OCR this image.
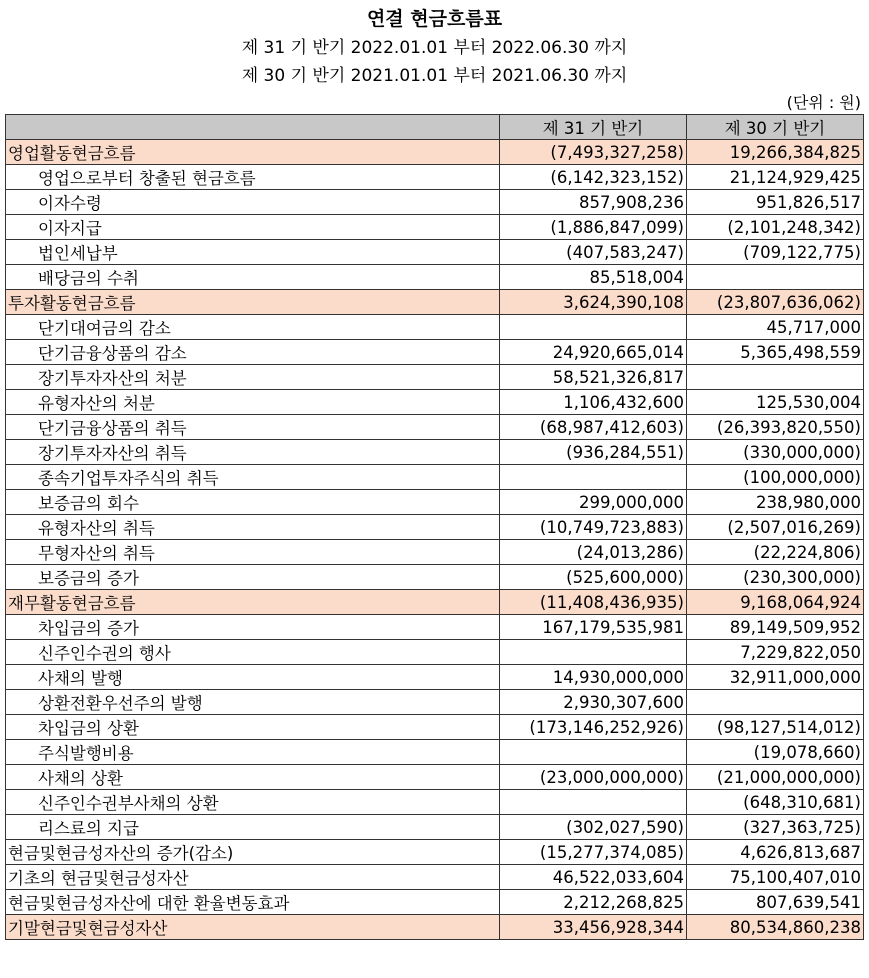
연결 현금흐름표
제 31 기 반기 2022.01.01 부터 2022.06.30 까지
제 30 기 반기 2021.01.01 부터 2021.06.30 까지
(단위 : 원)
	제 31 기 반기	제 30 기 반기
영업활동현금흐름	(7,493,327,258)	19,266,384,825
영업으로부터 창출된 현금흐름	(6,142,323,152)	21,124,929,425
이자수령	857,908,236	951,826,517
이자지급	(1,886,847,099)	(2,101,248,342)
법인세납부	(407,583,247)	(709,122,775)
배당금의 수취	85,518,004	
투자활동현금흐름	3,624,390,108	(23,807,636,062)
단기대여금의 감소		45,717,000
단기금융상품의 감소	24,920,665,014	5,365,498,559
장기투자자산의 처분	58,521,326,817	
유형자산의 처분	1,106,432,600	125,530,004
단기금융상품의 취득	(68,987,412,603)	(26,393,820,550)
장기투자자산의 취득	(936,284,551)	(330,000,000)
종속기업투자주식의 취득		(100,000,000)
보증금의 회수	299,000,000	238,980,000
유형자산의 취득	(10,749,723,883)	(2,507,016,269)
무형자산의 취득	(24,013,286)	(22,224,806)
보증금의 증가	(525,600,000)	(230,300,000)
재무활동현금흐름	(11,408,436,935)	9,168,064,924
차입금의 증가	167,179,535,981	89,149,509,952
신주인수권의 행사		7,229,822,050
사채의 발행	14,930,000,000	32,911,000,000
상환전환우선주의 발행	2,930,307,600	
차입금의 상환	(173,146,252,926)	(98,127,514,012)
주식발행비용		(19,078,660)
사채의 상환	(23,000,000,000)	(21,000,000,000)
신주인수권부사채의 상환		(648,310,681)
리스료의 지급	(302,027,590)	(327,363,725)
현금및현금성자산의 증가(감소)	(15,277,374,085)	4,626,813,687
기초의 현금및현금성자산	46,522,033,604	75,100,407,010
현금및현금성자산에 대한 환율변동효과	2,212,268,825	807,639,541
기말현금및현금성자산	33,456,928,344	80,534,860,238
